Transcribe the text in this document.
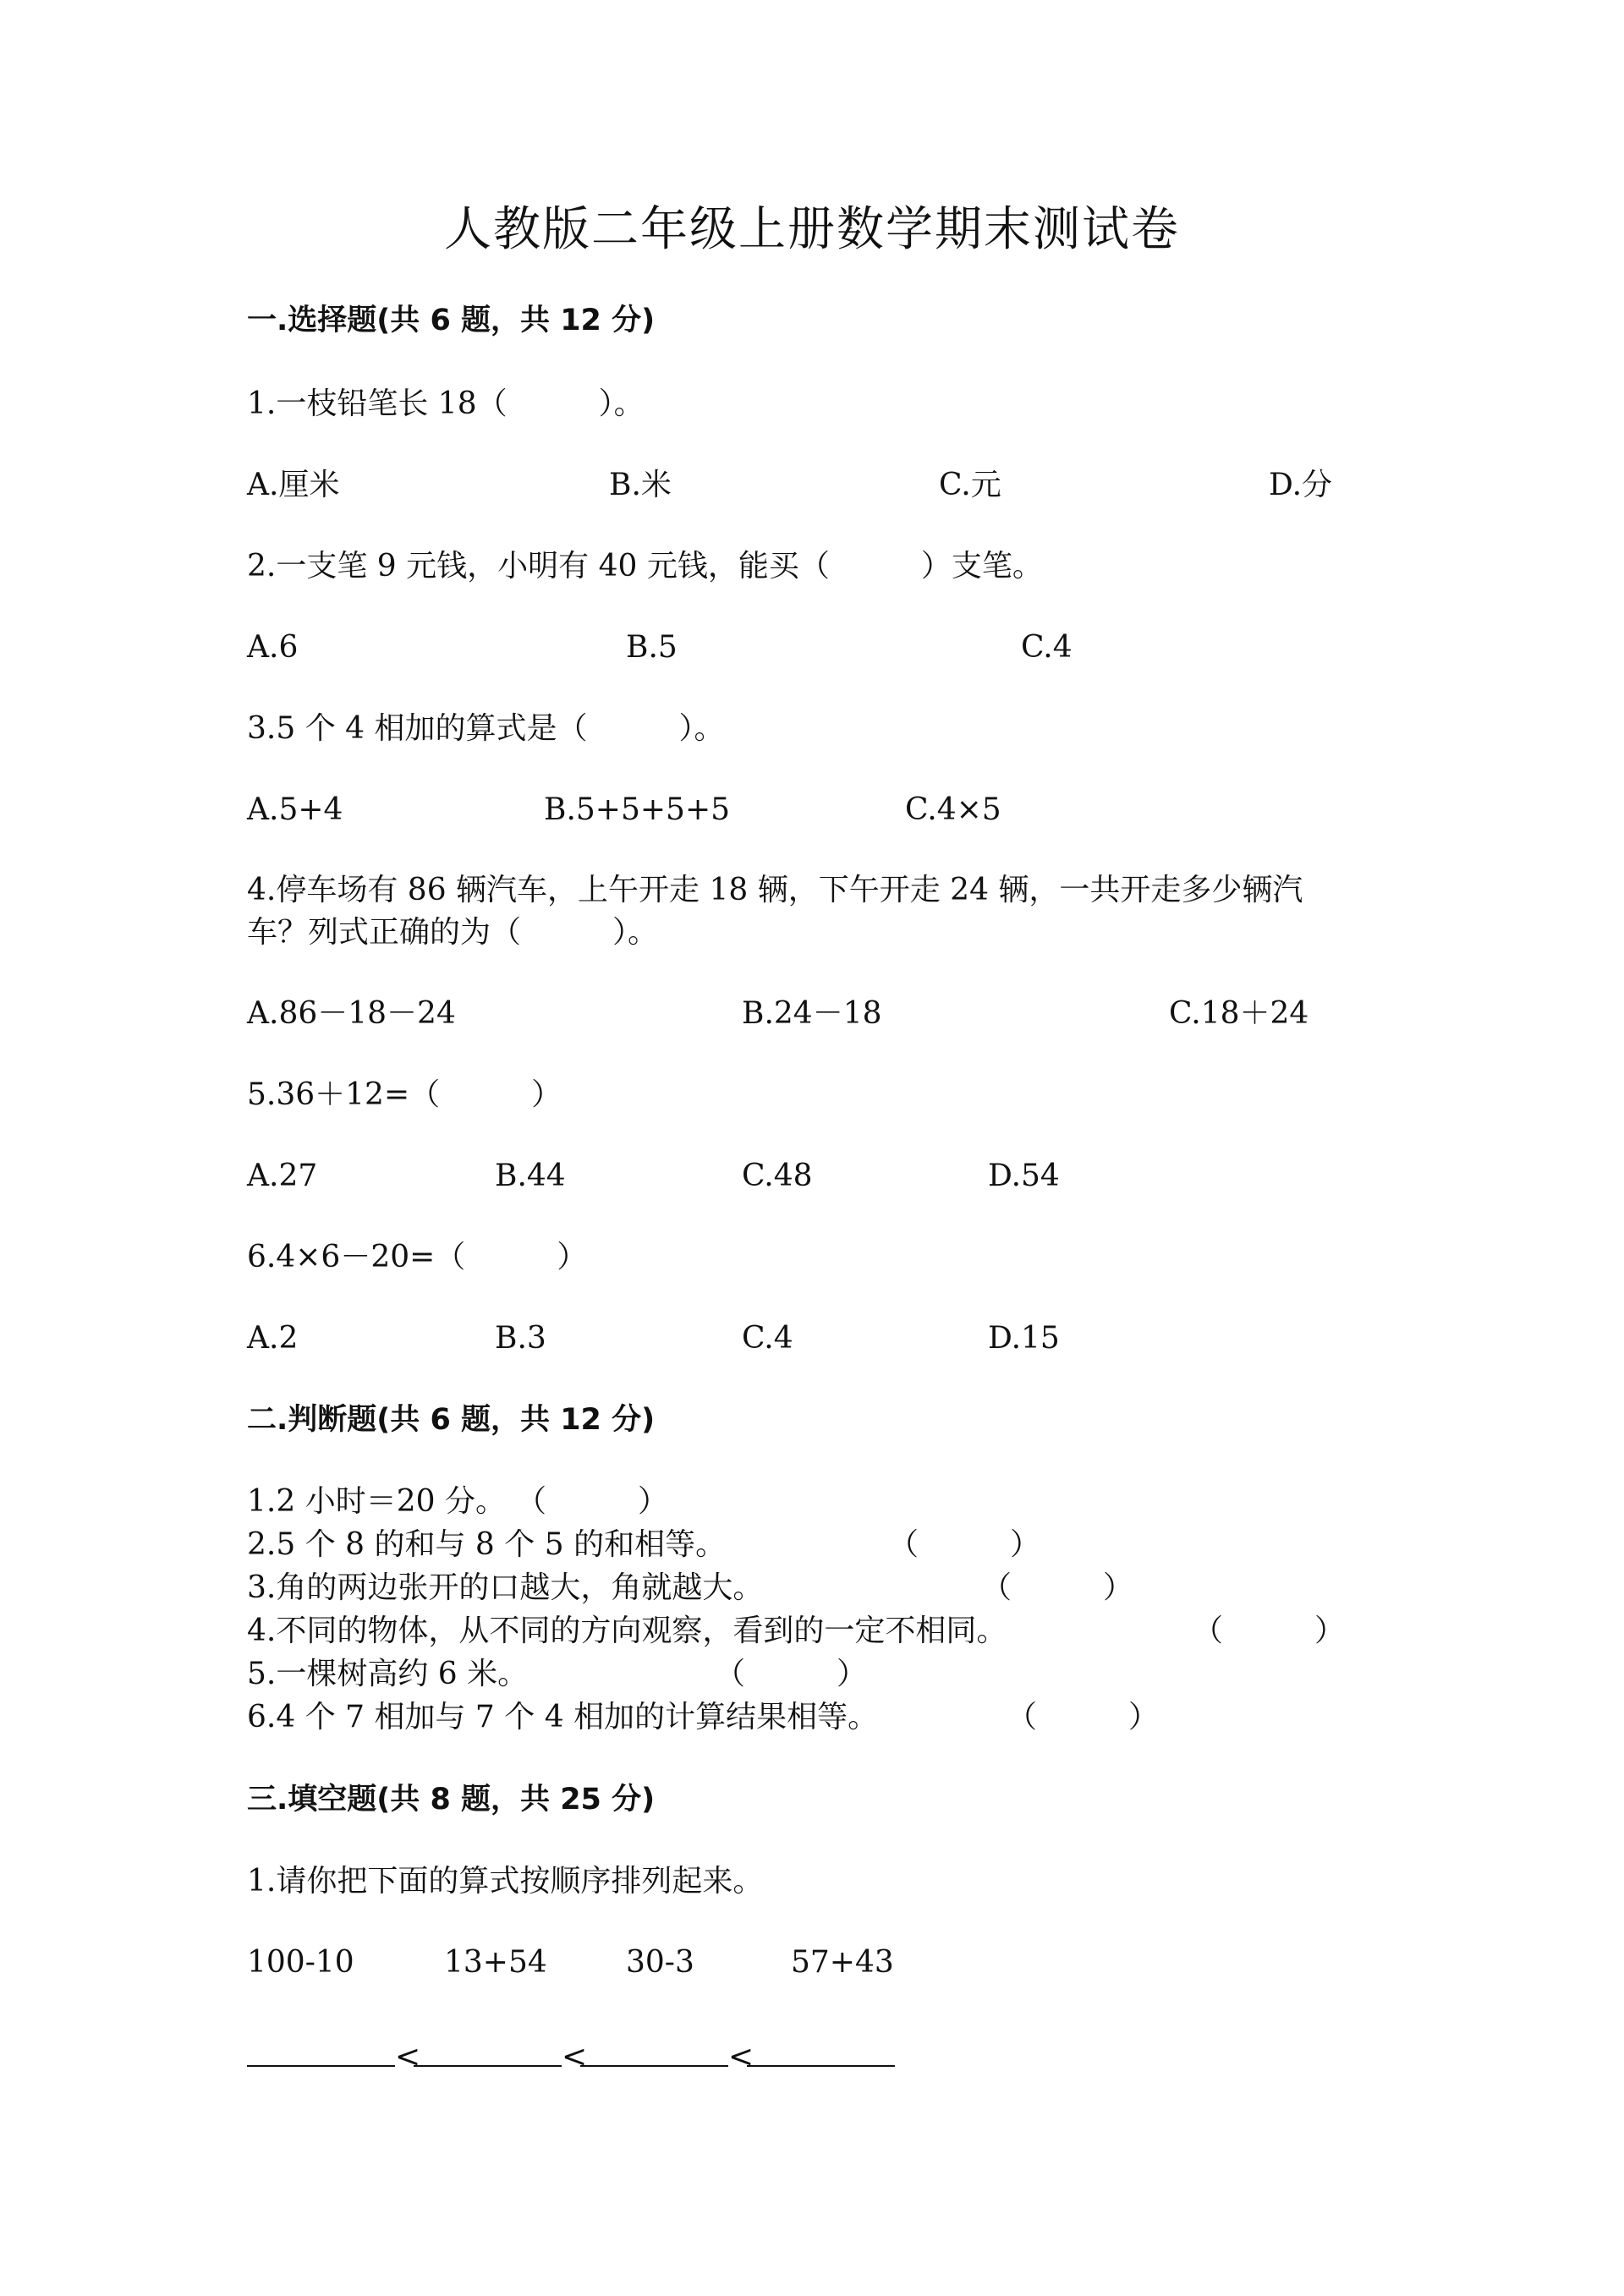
人教版二年级上册数学期末测试卷
一.选择题(共 6 题，共 12 分)
1.一枝铅笔长 18（　　　）。
A.厘米	B.米	C.元	D.分
2.一支笔 9 元钱，小明有 40 元钱，能买（　　　）支笔。
A.6	B.5	C.4
3.5 个 4 相加的算式是（　　　）。
A.5+4	B.5+5+5+5	C.4×5
4.停车场有 86 辆汽车，上午开走 18 辆，下午开走 24 辆，一共开走多少辆汽
车？列式正确的为（　　　）。
A.86－18－24	B.24－18	C.18＋24
5.36＋12=（　　　）
A.27	B.44	C.48	D.54
6.4×6－20=（　　　）
A.2	B.3	C.4	D.15
二.判断题(共 6 题，共 12 分)
1.2 小时＝20 分。 （　　　）
2.5 个 8 的和与 8 个 5 的和相等。	（　　　）
3.角的两边张开的口越大，角就越大。	（　　　）
4.不同的物体，从不同的方向观察，看到的一定不相同。	（　　　）
5.一棵树高约 6 米。	（　　　）
6.4 个 7 相加与 7 个 4 相加的计算结果相等。	（　　　）
三.填空题(共 8 题，共 25 分)
1.请你把下面的算式按顺序排列起来。
100-10	13+54	30-3	57+43
<	<	<
